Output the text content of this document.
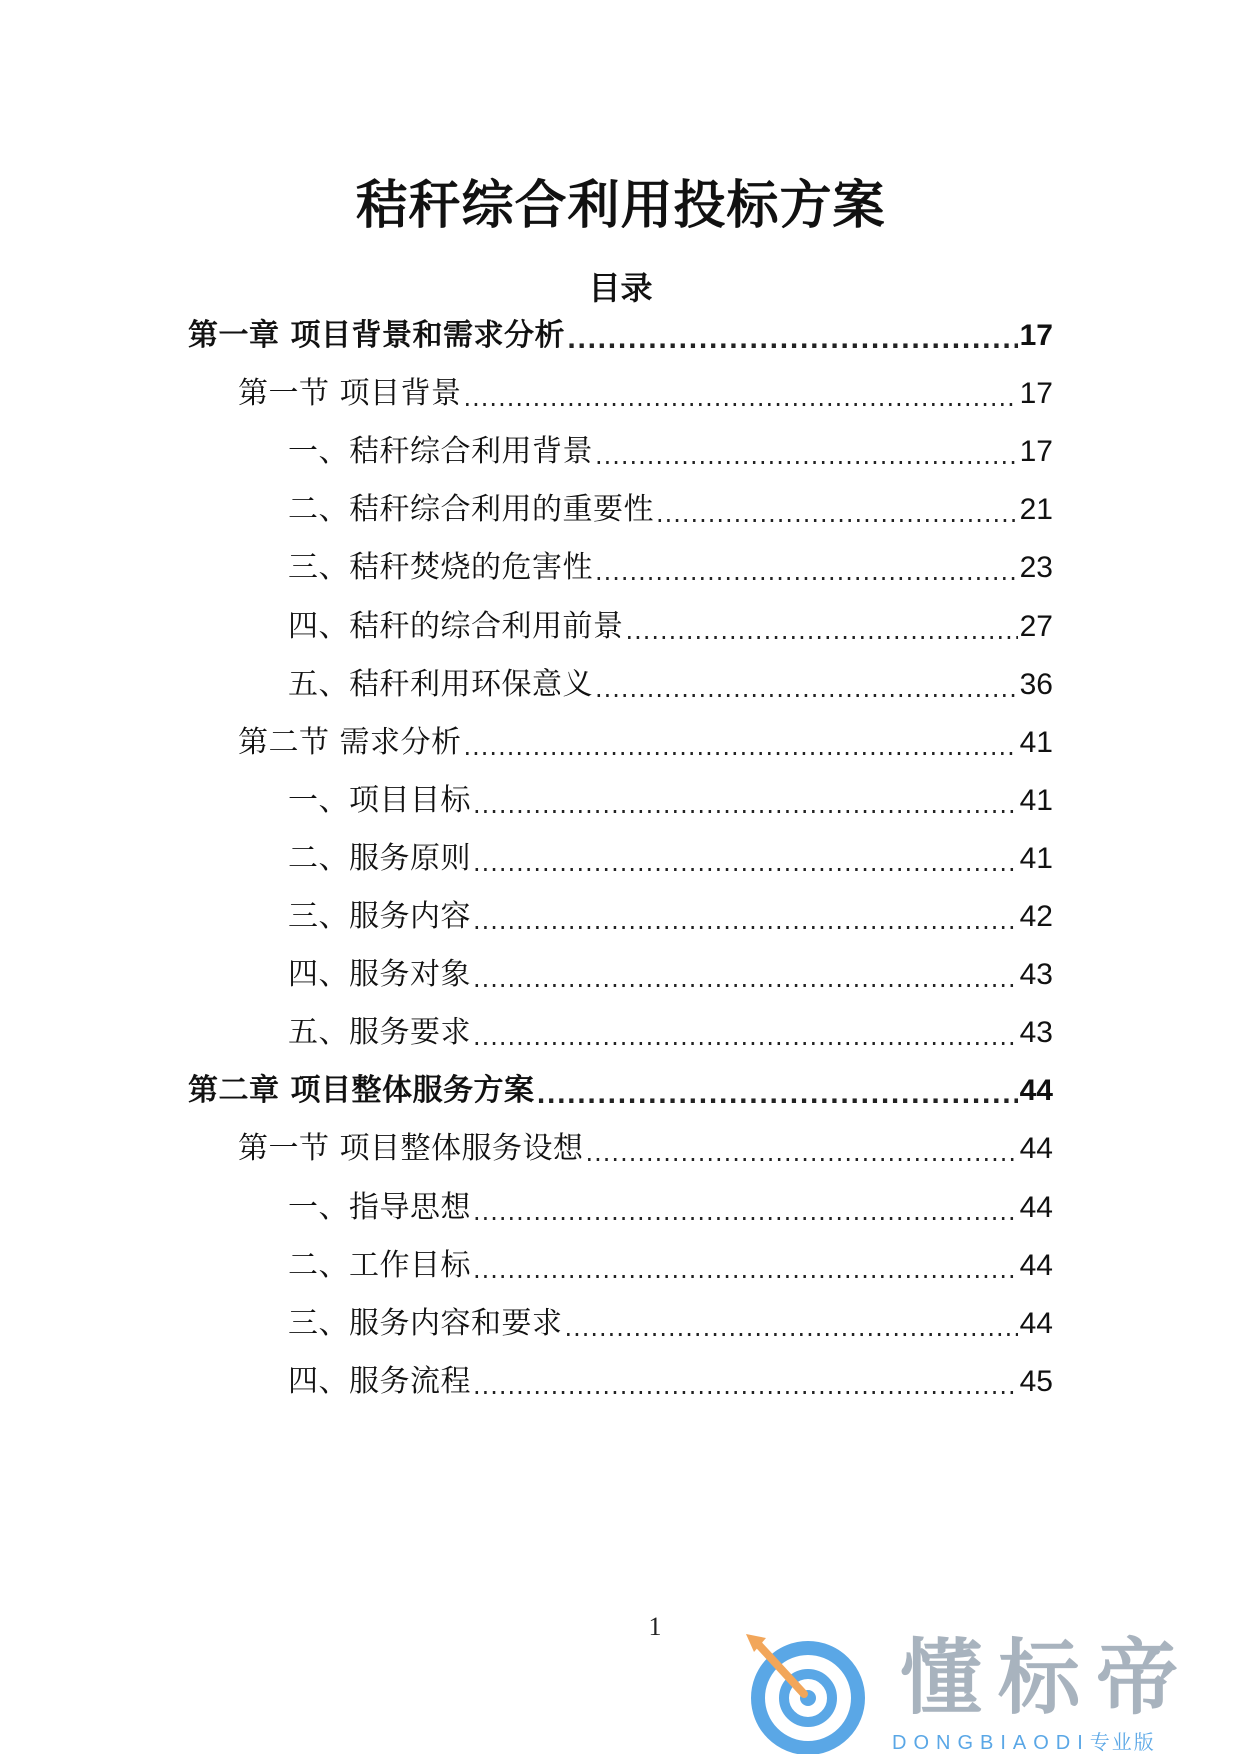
秸秆综合利用投标方案
目录
第一章 项目背景和需求分析 .....	17
第一节 项目背景 .....	17
一、秸秆综合利用背景 .....	17
二、秸秆综合利用的重要性 .....	21
三、秸秆焚烧的危害性 .....	23
四、秸秆的综合利用前景 .....	27
五、秸秆利用环保意义 .....	36
第二节 需求分析 .....	41
一、项目目标 .....	41
二、服务原则 .....	41
三、服务内容 .....	42
四、服务对象 .....	43
五、服务要求 .....	43
第二章 项目整体服务方案 .....	44
第一节 项目整体服务设想 .....	44
一、指导思想 .....	44
二、工作目标 .....	44
三、服务内容和要求 .....	44
四、服务流程 .....	45
1
懂标帝
DONGBIAODI专业版
